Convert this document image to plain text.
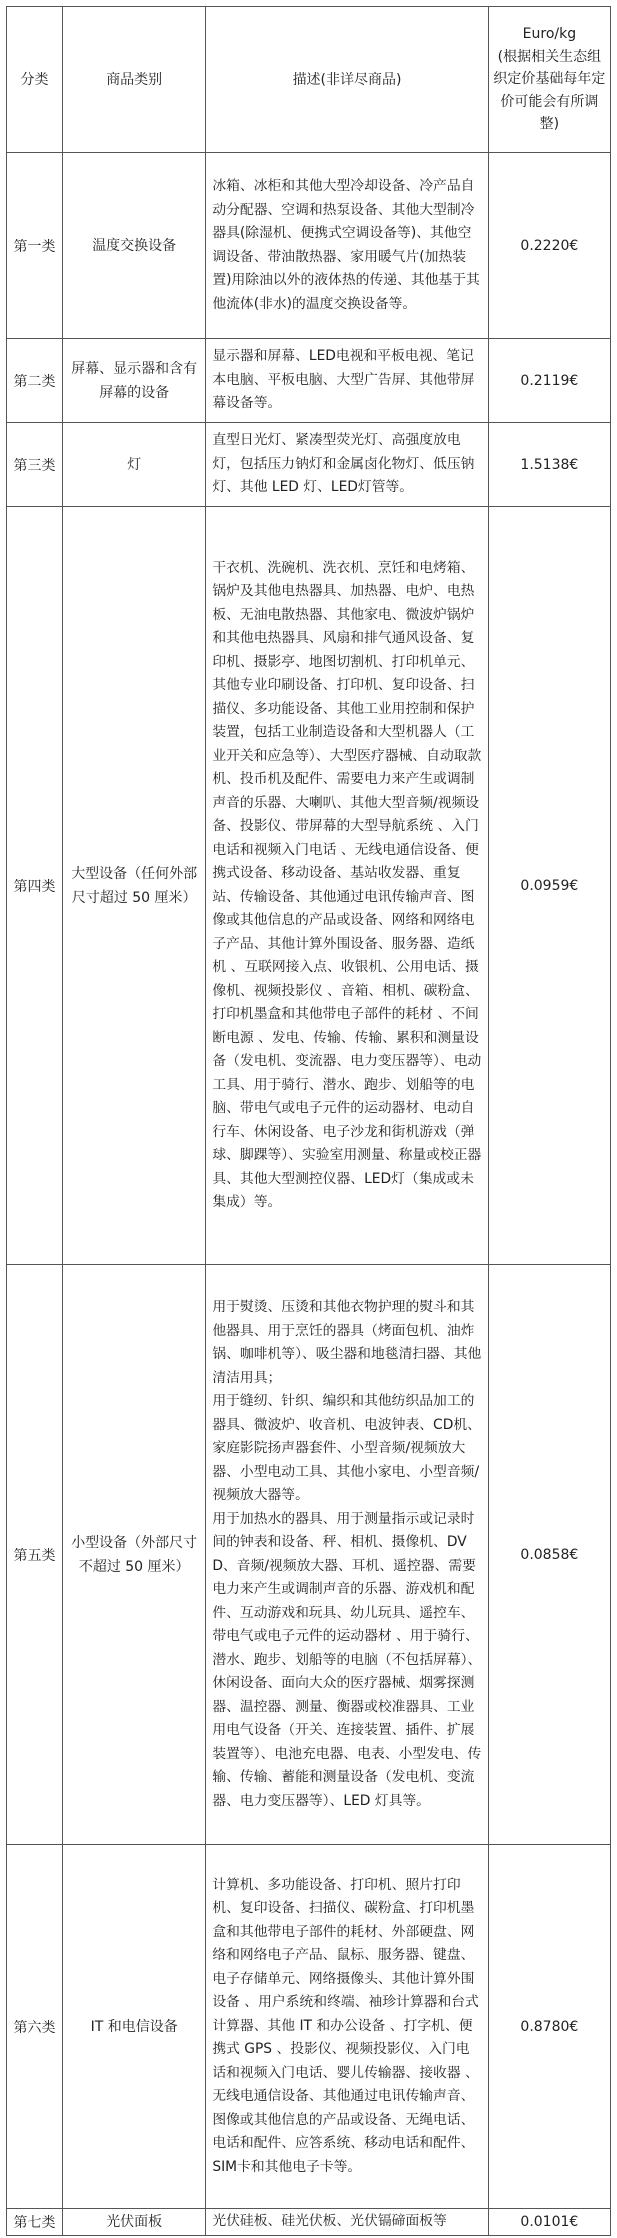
分类	商品类别	描述(非详尽商品)	Euro/kg
(根据相关生态组织定价基础每年定价可能会有所调整)
第一类	温度交换设备	冰箱、冰柜和其他大型冷却设备、冷产品自动分配器、空调和热泵设备、其他大型制冷器具(除湿机、便携式空调设备等)、其他空调设备、带油散热器、家用暖气片(加热装置)用除油以外的液体热的传递、其他基于其他流体(非水)的温度交换设备等。	0.2220€
第二类	屏幕、显示器和含有屏幕的设备	显示器和屏幕、LED电视和平板电视、笔记本电脑、平板电脑、大型广告屏、其他带屏幕设备等。	0.2119€
第三类	灯	直型日光灯、紧凑型荧光灯、高强度放电灯，包括压力钠灯和金属卤化物灯、低压钠灯、其他 LED 灯、LED灯管等。	1.5138€
第四类	大型设备（任何外部尺寸超过 50 厘米）	干衣机、洗碗机、洗衣机、烹饪和电烤箱、锅炉及其他电热器具、加热器、电炉、电热板、无油电散热器、其他家电、微波炉锅炉和其他电热器具、风扇和排气通风设备、复印机、摄影亭、地图切割机、打印机单元、其他专业印刷设备、打印机、复印设备、扫描仪、多功能设备、其他工业用控制和保护装置，包括工业制造设备和大型机器人（工业开关和应急等）、大型医疗器械、自动取款机、投币机及配件、需要电力来产生或调制声音的乐器、大喇叭、其他大型音频/视频设备、投影仪、带屏幕的大型导航系统 、入门电话和视频入门电话 、无线电通信设备、便携式设备、移动设备、基站收发器、重复站、传输设备、其他通过电讯传输声音、图像或其他信息的产品或设备、网络和网络电子产品、其他计算外围设备、服务器、造纸机 、互联网接入点、收银机、公用电话、摄像机、视频投影仪 、音箱、相机、碳粉盒、打印机墨盒和其他带电子部件的耗材 、不间断电源 、发电、传输、传输、累积和测量设备（发电机、变流器、电力变压器等）、电动工具、用于骑行、潜水、跑步、划船等的电脑、带电气或电子元件的运动器材、电动自行车、休闲设备、电子沙龙和街机游戏（弹球、脚踝等）、实验室用测量、称量或校正器具、其他大型测控仪器、LED灯（集成或未集成）等。	0.0959€
第五类	小型设备（外部尺寸不超过 50 厘米）	用于熨烫、压烫和其他衣物护理的熨斗和其他器具、用于烹饪的器具（烤面包机、油炸锅、咖啡机等）、吸尘器和地毯清扫器、其他清洁用具；
用于缝纫、针织、编织和其他纺织品加工的器具、微波炉、收音机、电波钟表、CD机、家庭影院扬声器套件、小型音频/视频放大器、小型电动工具、其他小家电、小型音频/视频放大器等。
用于加热水的器具、用于测量指示或记录时间的钟表和设备、秤、相机、摄像机、DVD、音频/视频放大器、耳机、遥控器、需要电力来产生或调制声音的乐器、游戏机和配件、互动游戏和玩具、幼儿玩具、遥控车、带电气或电子元件的运动器材 、用于骑行、潜水、跑步、划船等的电脑（不包括屏幕）、休闲设备、面向大众的医疗器械、烟雾探测器、温控器、测量、衡器或校准器具、工业用电气设备（开关、连接装置、插件、扩展装置等）、电池充电器、电表、小型发电、传输、传输、蓄能和测量设备（发电机、变流器、电力变压器等）、LED 灯具等。	0.0858€
第六类	IT 和电信设备	计算机、多功能设备、打印机、照片打印机、复印设备、扫描仪、碳粉盒、打印机墨盒和其他带电子部件的耗材、外部硬盘、网络和网络电子产品、鼠标、服务器、键盘、电子存储单元、网络摄像头、其他计算外围设备 、用户系统和终端、袖珍计算器和台式计算器、其他 IT 和办公设备 、打字机、便携式 GPS 、投影仪、视频投影仪、入门电话和视频入门电话、婴儿传输器、接收器 、无线电通信设备、其他通过电讯传输声音、图像或其他信息的产品或设备、无绳电话、电话和配件、应答系统、移动电话和配件、SIM卡和其他电子卡等。	0.8780€
第七类	光伏面板	光伏硅板、硅光伏板、光伏镉碲面板等	0.0101€
